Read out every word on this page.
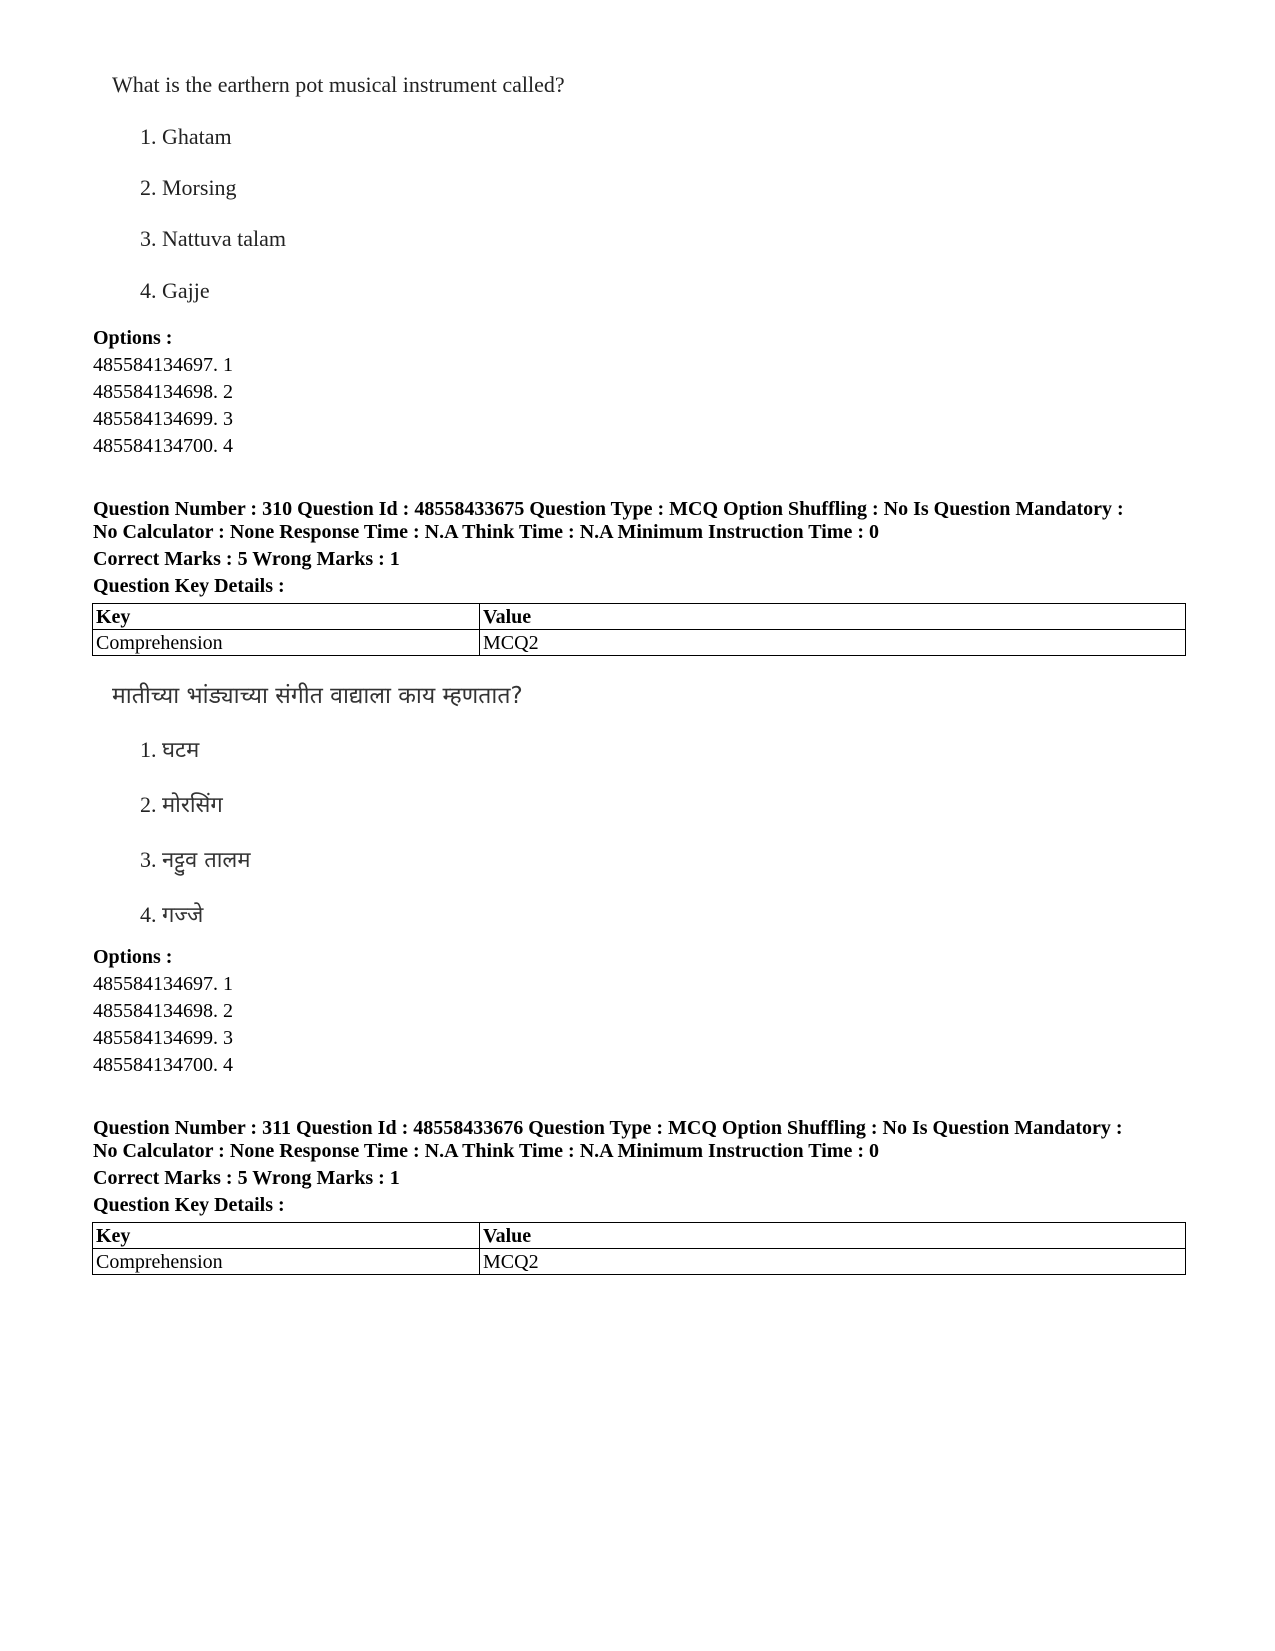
What is the earthern pot musical instrument called?
1. Ghatam
2. Morsing
3. Nattuva talam
4. Gajje
Options :
485584134697. 1
485584134698. 2
485584134699. 3
485584134700. 4
Question Number : 310 Question Id : 48558433675 Question Type : MCQ Option Shuffling : No Is Question Mandatory :
No Calculator : None Response Time : N.A Think Time : N.A Minimum Instruction Time : 0
Correct Marks : 5 Wrong Marks : 1
Question Key Details :
Key	Value
Comprehension	MCQ2
मातीच्या भांड्याच्या संगीत वाद्याला काय म्हणतात?
1. घटम
2. मोरसिंग
3. नट्टुव तालम
4. गज्जे
Options :
485584134697. 1
485584134698. 2
485584134699. 3
485584134700. 4
Question Number : 311 Question Id : 48558433676 Question Type : MCQ Option Shuffling : No Is Question Mandatory :
No Calculator : None Response Time : N.A Think Time : N.A Minimum Instruction Time : 0
Correct Marks : 5 Wrong Marks : 1
Question Key Details :
Key	Value
Comprehension	MCQ2
